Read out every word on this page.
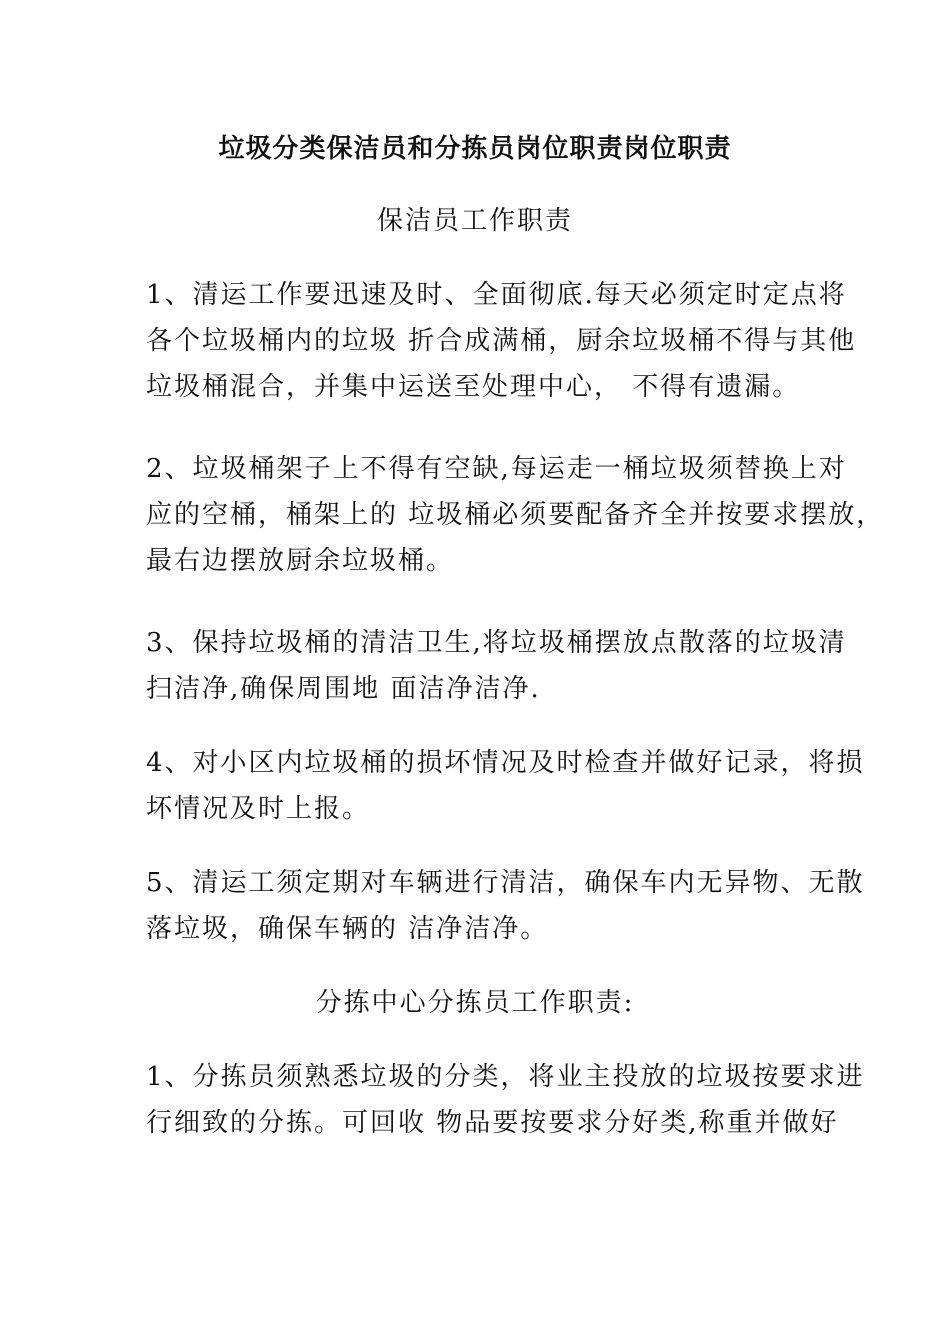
垃圾分类保洁员和分拣员岗位职责岗位职责
保洁员工作职责
1、清运工作要迅速及时、全面彻底.每天必须定时定点将
各个垃圾桶内的垃圾 折合成满桶，厨余垃圾桶不得与其他
垃圾桶混合，并集中运送至处理中心， 不得有遗漏。
2、垃圾桶架子上不得有空缺,每运走一桶垃圾须替换上对
应的空桶，桶架上的 垃圾桶必须要配备齐全并按要求摆放，
最右边摆放厨余垃圾桶。
3、保持垃圾桶的清洁卫生,将垃圾桶摆放点散落的垃圾清
扫洁净,确保周围地 面洁净洁净.
4、对小区内垃圾桶的损坏情况及时检查并做好记录，将损
坏情况及时上报。
5、清运工须定期对车辆进行清洁，确保车内无异物、无散
落垃圾，确保车辆的 洁净洁净。
分拣中心分拣员工作职责:
1、分拣员须熟悉垃圾的分类，将业主投放的垃圾按要求进
行细致的分拣。可回收 物品要按要求分好类,称重并做好
